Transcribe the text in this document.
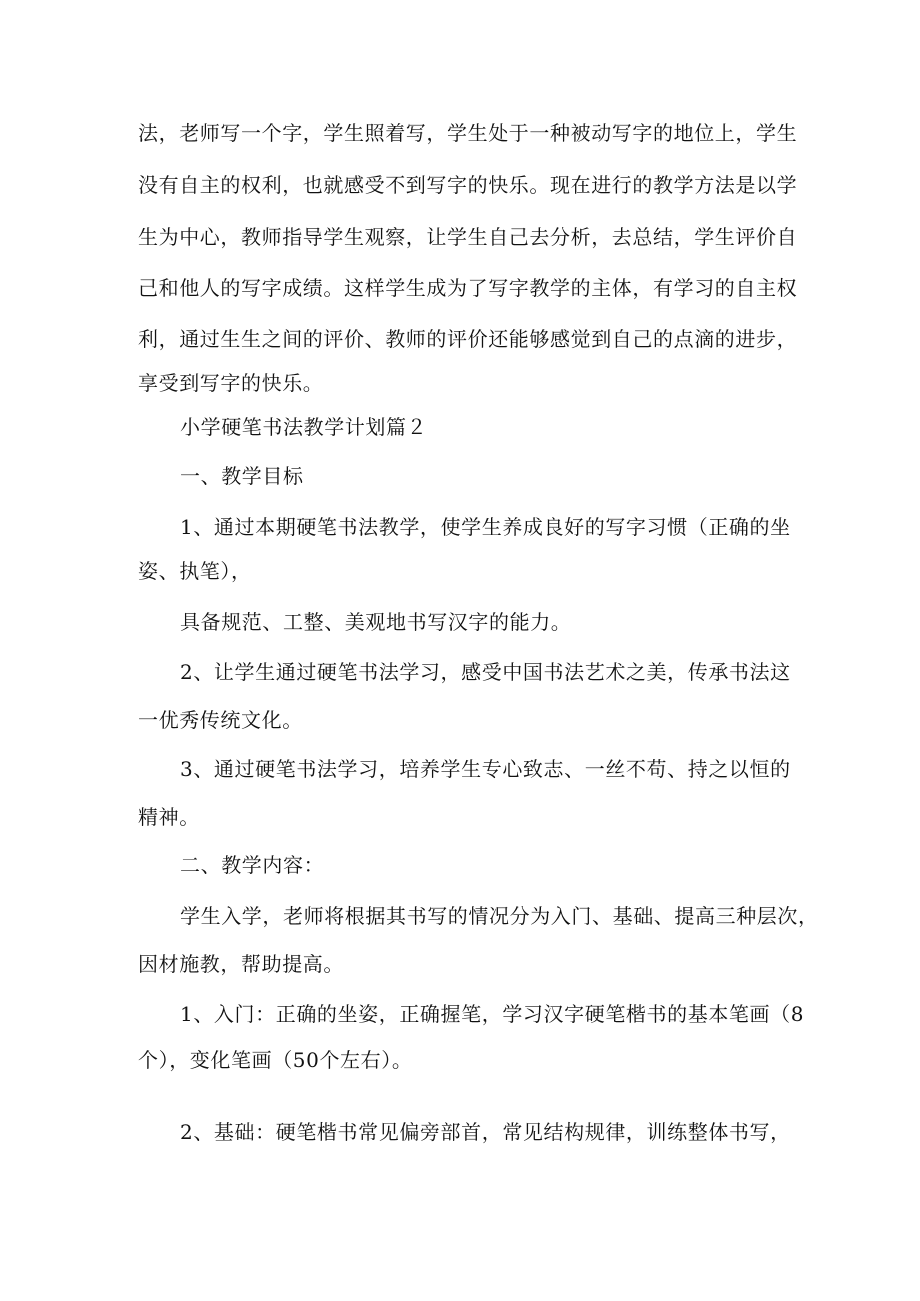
法，老师写一个字，学生照着写，学生处于一种被动写字的地位上，学生
没有自主的权利，也就感受不到写字的快乐。现在进行的教学方法是以学
生为中心，教师指导学生观察，让学生自己去分析，去总结，学生评价自
己和他人的写字成绩。这样学生成为了写字教学的主体，有学习的自主权
利，通过生生之间的评价、教师的评价还能够感觉到自己的点滴的进步，
享受到写字的快乐。
小学硬笔书法教学计划篇２
一、教学目标
1、通过本期硬笔书法教学，使学生养成良好的写字习惯（正确的坐
姿、执笔），
具备规范、工整、美观地书写汉字的能力。
2、让学生通过硬笔书法学习，感受中国书法艺术之美，传承书法这
一优秀传统文化。
3、通过硬笔书法学习，培养学生专心致志、一丝不苟、持之以恒的
精神。
二、教学内容：
学生入学，老师将根据其书写的情况分为入门、基础、提高三种层次，
因材施教，帮助提高。
1、入门：正确的坐姿，正确握笔，学习汉字硬笔楷书的基本笔画（8
个），变化笔画（50个左右）。
2、基础：硬笔楷书常见偏旁部首，常见结构规律，训练整体书写，
